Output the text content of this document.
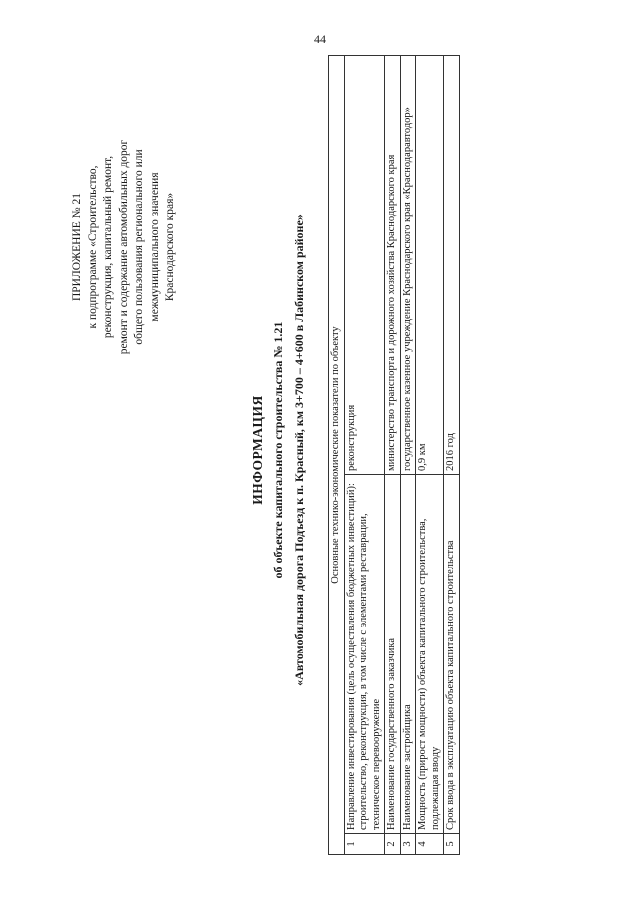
44
ПРИЛОЖЕНИЕ № 21 к подпрограмме «Строительство, реконструкция, капитальный ремонт, ремонт и содержание автомобильных дорог общего пользования регионального или межмуниципального значения Краснодарского края»
ИНФОРМАЦИЯ об объекте капитального строительства № 1.21 «Автомобильная дорога Подъезд к п. Красный, км 3+700 – 4+600 в Лабинском районе» Основные технико-экономические показатели по объекту		
1	Направление инвестирования (цель осуществления бюджетных инвестиций): строительство, реконструкция, в том числе с элементами реставрации, техническое перевооружение	реконструкция
2	Наименование государственного заказчика	министерство транспорта и дорожного хозяйства Краснодарского края
3	Наименование застройщика	государственное казенное учреждение Краснодарского края «Краснодаравтодор»
4	Мощность (прирост мощности) объекта капитального строительства, подлежащая вводу	0,9 км
5	Срок ввода в эксплуатацию объекта капитального строительства	2016 год
